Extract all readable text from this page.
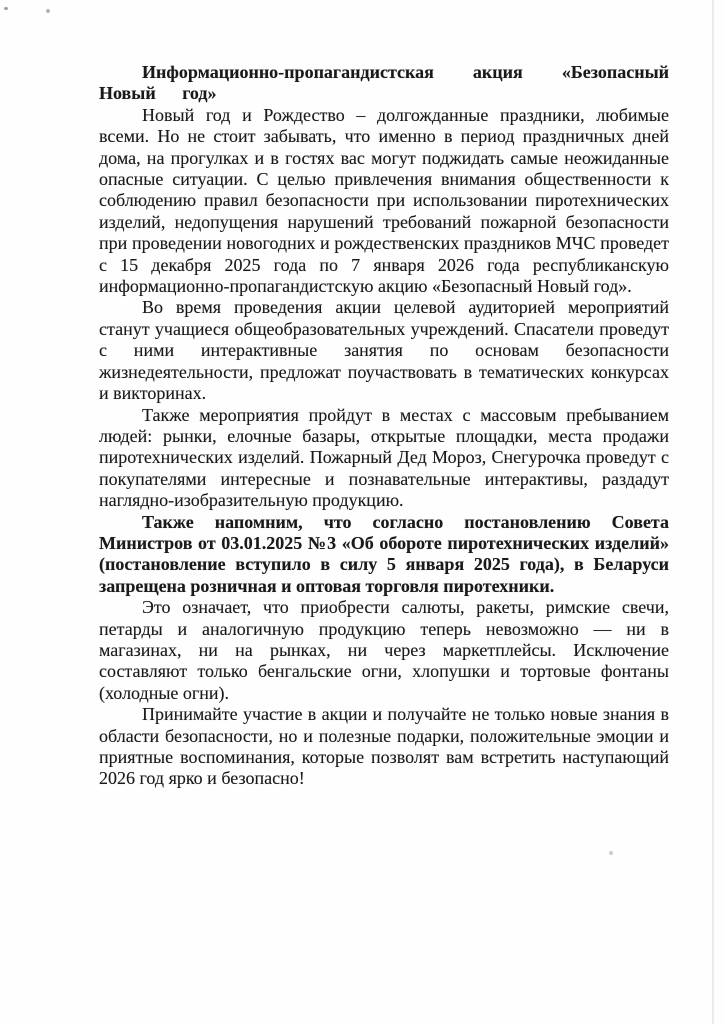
Информационно-пропагандистская акция «Безопасный Новый год»

Новый год и Рождество – долгожданные праздники, любимые всеми. Но не стоит забывать, что именно в период праздничных дней дома, на прогулках и в гостях вас могут поджидать самые неожиданные опасные ситуации. С целью привлечения внимания общественности к соблюдению правил безопасности при использовании пиротехнических изделий, недопущения нарушений требований пожарной безопасности при проведении новогодних и рождественских праздников МЧС проведет с 15 декабря 2025 года по 7 января 2026 года республиканскую информационно-пропагандистскую акцию «Безопасный Новый год».

Во время проведения акции целевой аудиторией мероприятий станут учащиеся общеобразовательных учреждений. Спасатели проведут с ними интерактивные занятия по основам безопасности жизнедеятельности, предложат поучаствовать в тематических конкурсах и викторинах.

Также мероприятия пройдут в местах с массовым пребыванием людей: рынки, елочные базары, открытые площадки, места продажи пиротехнических изделий. Пожарный Дед Мороз, Снегурочка проведут с покупателями интересные и познавательные интерактивы, раздадут наглядно-изобразительную продукцию.

Также напомним, что согласно постановлению Совета Министров от 03.01.2025 №3 «Об обороте пиротехнических изделий» (постановление вступило в силу 5 января 2025 года), в Беларуси запрещена розничная и оптовая торговля пиротехники.

Это означает, что приобрести салюты, ракеты, римские свечи, петарды и аналогичную продукцию теперь невозможно — ни в магазинах, ни на рынках, ни через маркетплейсы. Исключение составляют только бенгальские огни, хлопушки и тортовые фонтаны (холодные огни).

Принимайте участие в акции и получайте не только новые знания в области безопасности, но и полезные подарки, положительные эмоции и приятные воспоминания, которые позволят вам встретить наступающий 2026 год ярко и безопасно!
